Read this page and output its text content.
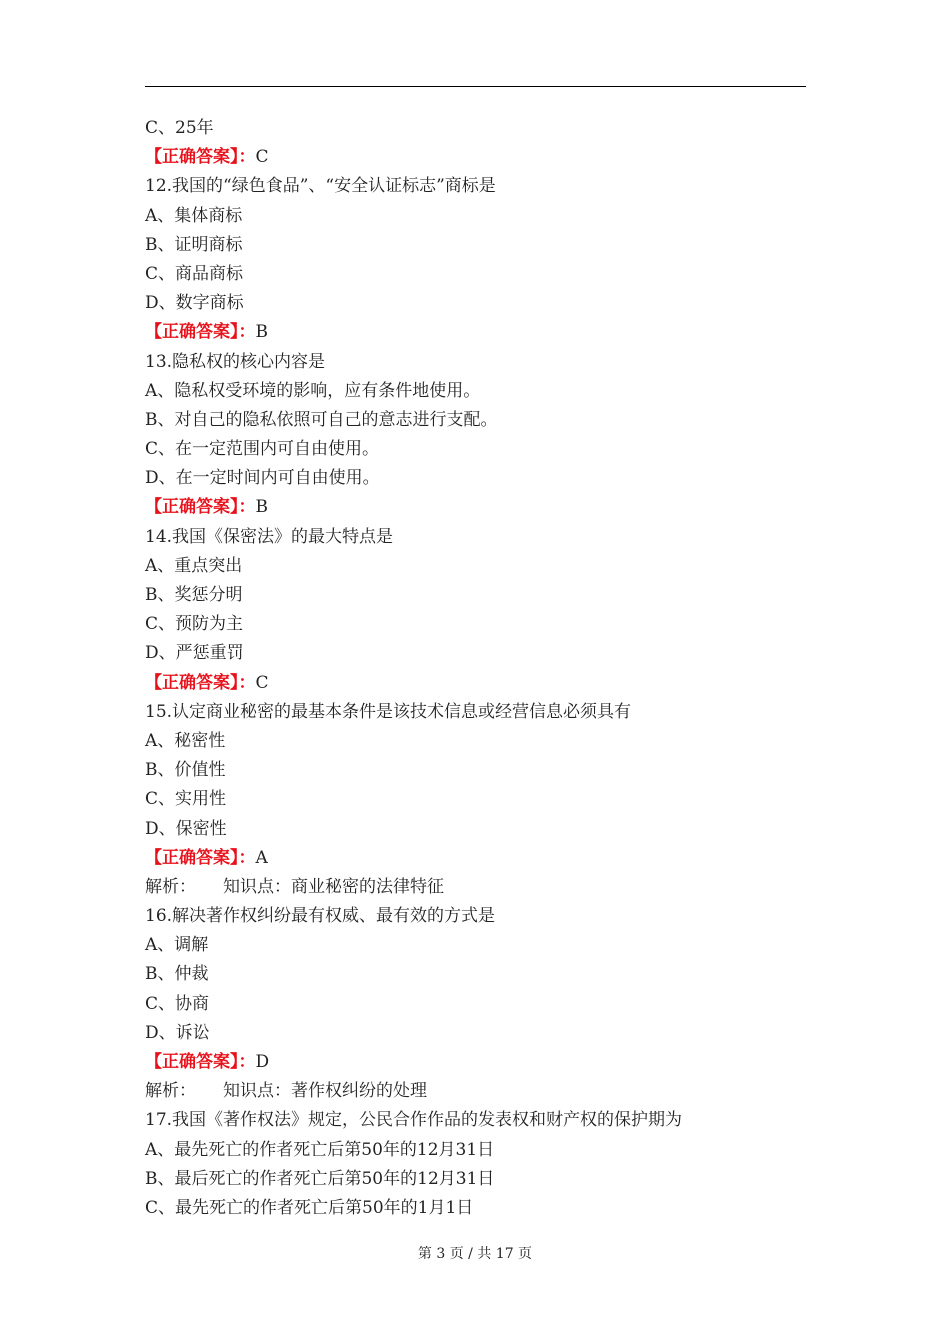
C、25年
【正确答案】：C
12.我国的“绿色食品”、“安全认证标志”商标是
A、集体商标
B、证明商标
C、商品商标
D、数字商标
【正确答案】：B
13.隐私权的核心内容是
A、隐私权受环境的影响，应有条件地使用。
B、对自己的隐私依照可自己的意志进行支配。
C、在一定范围内可自由使用。
D、在一定时间内可自由使用。
【正确答案】：B
14.我国《保密法》的最大特点是
A、重点突出
B、奖惩分明
C、预防为主
D、严惩重罚
【正确答案】：C
15.认定商业秘密的最基本条件是该技术信息或经营信息必须具有
A、秘密性
B、价值性
C、实用性
D、保密性
【正确答案】：A
解析： 知识点：商业秘密的法律特征
16.解决著作权纠纷最有权威、最有效的方式是
A、调解
B、仲裁
C、协商
D、诉讼
【正确答案】：D
解析： 知识点：著作权纠纷的处理
17.我国《著作权法》规定，公民合作作品的发表权和财产权的保护期为
A、最先死亡的作者死亡后第50年的12月31日
B、最后死亡的作者死亡后第50年的12月31日
C、最先死亡的作者死亡后第50年的1月1日
第 3 页 / 共 17 页
